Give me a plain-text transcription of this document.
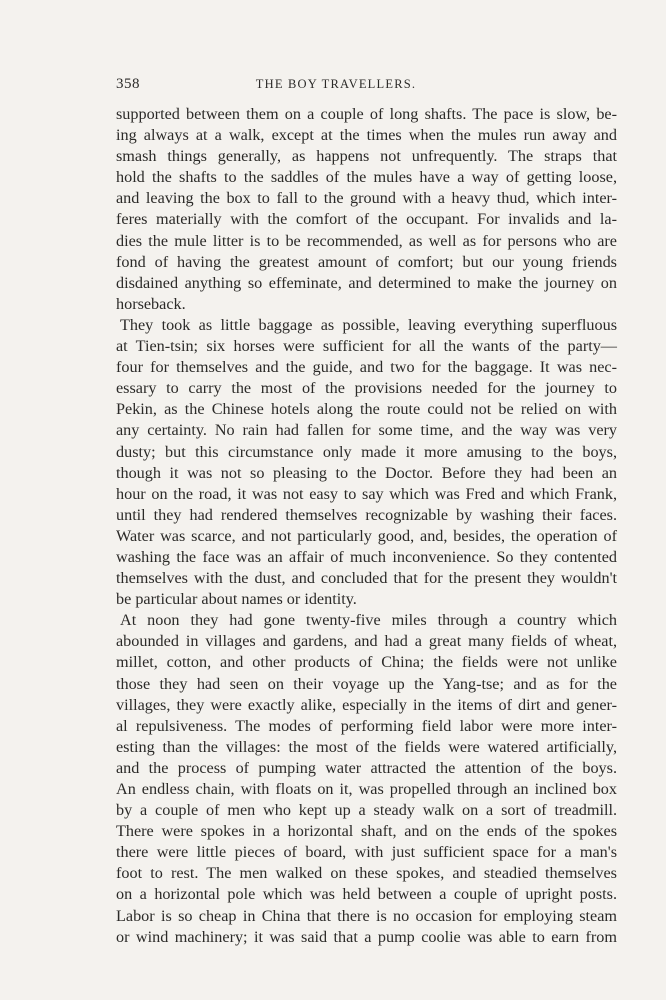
358	THE BOY TRAVELLERS.
supported between them on a couple of long shafts. The pace is slow, be-
ing always at a walk, except at the times when the mules run away and
smash things generally, as happens not unfrequently. The straps that
hold the shafts to the saddles of the mules have a way of getting loose,
and leaving the box to fall to the ground with a heavy thud, which inter-
feres materially with the comfort of the occupant. For invalids and la-
dies the mule litter is to be recommended, as well as for persons who are
fond of having the greatest amount of comfort; but our young friends
disdained anything so effeminate, and determined to make the journey on
horseback.
They took as little baggage as possible, leaving everything superfluous
at Tien-tsin; six horses were sufficient for all the wants of the party—
four for themselves and the guide, and two for the baggage. It was nec-
essary to carry the most of the provisions needed for the journey to
Pekin, as the Chinese hotels along the route could not be relied on with
any certainty. No rain had fallen for some time, and the way was very
dusty; but this circumstance only made it more amusing to the boys,
though it was not so pleasing to the Doctor. Before they had been an
hour on the road, it was not easy to say which was Fred and which Frank,
until they had rendered themselves recognizable by washing their faces.
Water was scarce, and not particularly good, and, besides, the operation of
washing the face was an affair of much inconvenience. So they contented
themselves with the dust, and concluded that for the present they wouldn't
be particular about names or identity.
At noon they had gone twenty-five miles through a country which
abounded in villages and gardens, and had a great many fields of wheat,
millet, cotton, and other products of China; the fields were not unlike
those they had seen on their voyage up the Yang-tse; and as for the
villages, they were exactly alike, especially in the items of dirt and gener-
al repulsiveness. The modes of performing field labor were more inter-
esting than the villages: the most of the fields were watered artificially,
and the process of pumping water attracted the attention of the boys.
An endless chain, with floats on it, was propelled through an inclined box
by a couple of men who kept up a steady walk on a sort of treadmill.
There were spokes in a horizontal shaft, and on the ends of the spokes
there were little pieces of board, with just sufficient space for a man's
foot to rest. The men walked on these spokes, and steadied themselves
on a horizontal pole which was held between a couple of upright posts.
Labor is so cheap in China that there is no occasion for employing steam
or wind machinery; it was said that a pump coolie was able to earn from
